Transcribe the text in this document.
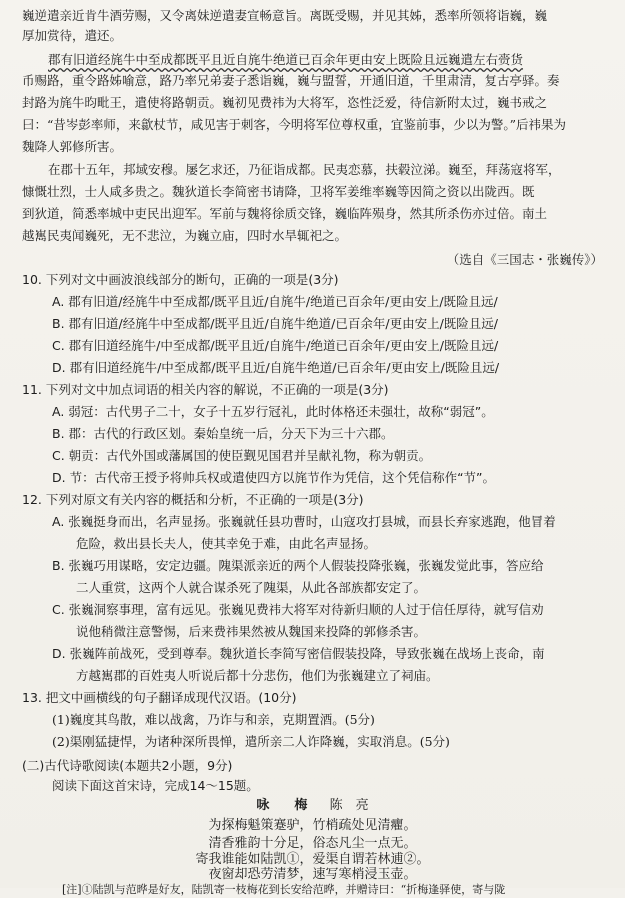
巍逆遣亲近肯牛酒劳赐，又令离妹逆遣妻宣畅意旨。离既受赐，并见其姊，悉率所领将诣巍，巍
厚加赏待，遣还。
郡有旧道经旄牛中至成都既平且近自旄牛绝道已百余年更由安上既险且远巍遣左右赍货
币赐路，重令路姊喻意，路乃率兄弟妻子悉诣巍，巍与盟誓，开通旧道，千里肃清，复古亭驿。奏
封路为旄牛昀毗王，遣使将路朝贡。巍初见费祎为大将军，恣性泛爱，待信新附太过，巍书戒之
曰：“昔岑彭率师，来歙杖节，咸见害于刺客，今明将军位尊权重，宜鉴前事，少以为警。”后祎果为
魏降人郭修所害。
在郡十五年，邦域安穆。屡乞求还，乃征诣成都。民夷恋慕，扶毂泣涕。巍至，拜荡寇将军，
慷慨壮烈，士人咸多贵之。魏狄道长李简密书请降，卫将军姜维率巍等因简之资以出陇西。既
到狄道，简悉率城中吏民出迎军。军前与魏将徐质交锋，巍临阵殒身，然其所杀伤亦过倍。南土
越嶲民夷闻巍死，无不悲泣，为巍立庙，四时水旱辄祀之。
（选自《三国志・张巍传》）
10. 下列对文中画波浪线部分的断句，正确的一项是(3分)
A. 郡有旧道/经旄牛中至成都/既平且近/自旄牛/绝道已百余年/更由安上/既险且远/
B. 郡有旧道/经旄牛中至成都/既平且近/自旄牛绝道/已百余年/更由安上/既险且远/
C. 郡有旧道经旄牛/中至成都/既平且近/自旄牛/绝道已百余年/更由安上/既险且远/
D. 郡有旧道经旄牛/中至成都/既平且近/自旄牛绝道/已百余年/更由安上/既险且远/
11. 下列对文中加点词语的相关内容的解说，不正确的一项是(3分)
A. 弱冠：古代男子二十，女子十五岁行冠礼，此时体格还未强壮，故称“弱冠”。
B. 郡：古代的行政区划。秦始皇统一后，分天下为三十六郡。
C. 朝贡：古代外国或藩属国的使臣觐见国君并呈献礼物，称为朝贡。
D. 节：古代帝王授予将帅兵权或遣使四方以旄节作为凭信，这个凭信称作“节”。
12. 下列对原文有关内容的概括和分析，不正确的一项是(3分)
A. 张巍挺身而出，名声显扬。张巍就任县功曹时，山寇攻打县城，而县长弃家逃跑，他冒着
危险，救出县长夫人，使其幸免于难，由此名声显扬。
B. 张巍巧用谋略，安定边疆。隗渠派亲近的两个人假装投降张巍，张巍发觉此事，答应给
二人重赏，这两个人就合谋杀死了隗渠，从此各部族都安定了。
C. 张巍洞察事理，富有远见。张巍见费祎大将军对待新归顺的人过于信任厚待，就写信劝
说他稍微注意警惕，后来费祎果然被从魏国来投降的郭修杀害。
D. 张巍阵前战死，受到尊奉。魏狄道长李简写密信假装投降，导致张巍在战场上丧命，南
方越嶲郡的百姓夷人听说后都十分悲伤，他们为张巍建立了祠庙。
13. 把文中画横线的句子翻译成现代汉语。(10分)
(1)巍度其鸟散，难以战禽，乃诈与和亲，克期置酒。(5分)
(2)渠刚猛捷悍，为诸种深所畏惮，遣所亲二人诈降巍，实取消息。(5分)
(二)古代诗歌阅读(本题共2小题，9分)
阅读下面这首宋诗，完成14～15题。
咏　梅 陈　亮
为探梅魁策蹇驴，竹梢疏处见清癯。
清香雅韵十分足，俗态凡尘一点无。
寄我谁能如陆凯①，爱渠自谓若林逋②。
夜窗却恐劳清梦，速写寒梢浸玉壶。
[注]①陆凯与范晔是好友，陆凯寄一枝梅花到长安给范晔，并赠诗曰：“折梅逢驿使，寄与陇
